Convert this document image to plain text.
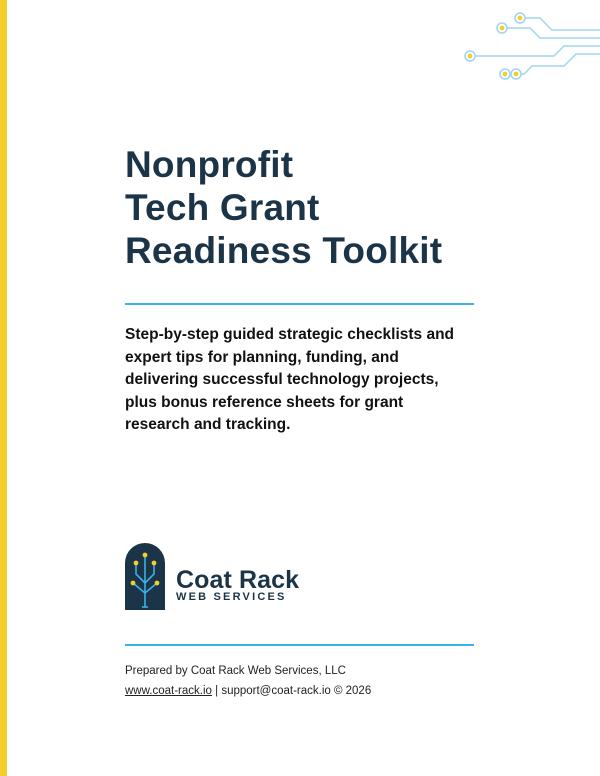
Nonprofit
Tech Grant
Readiness Toolkit

Step-by-step guided strategic checklists and expert tips for planning, funding, and delivering successful technology projects, plus bonus reference sheets for grant research and tracking.

Coat Rack
WEB SERVICES

Prepared by Coat Rack Web Services, LLC

www.coat-rack.io | support@coat-rack.io © 2026
